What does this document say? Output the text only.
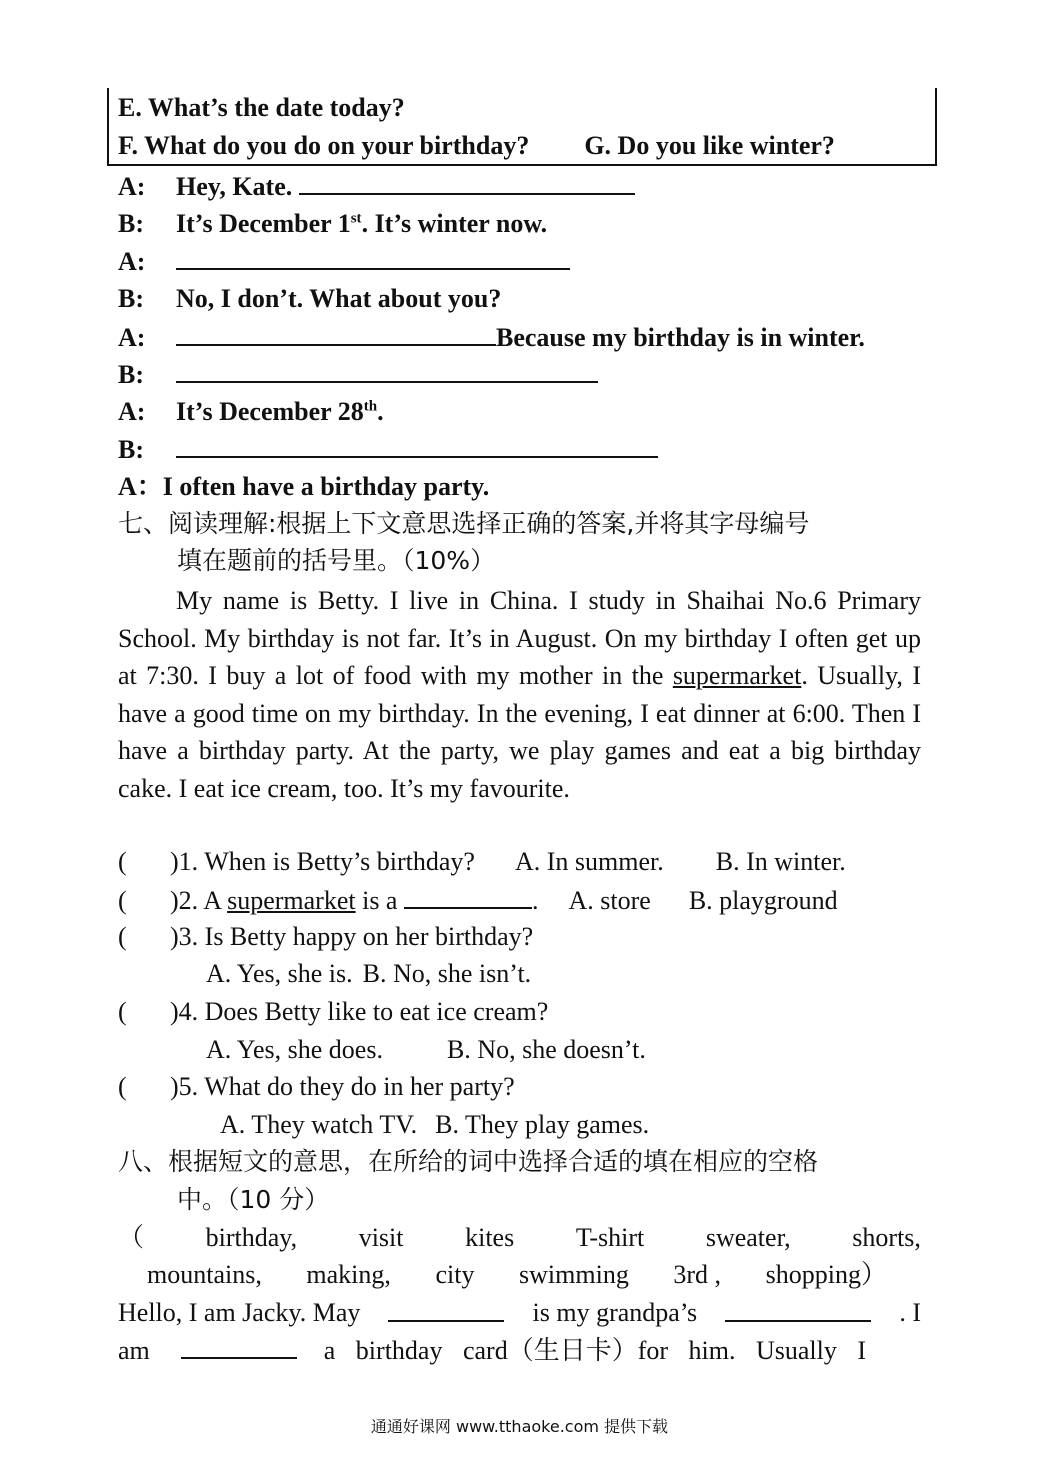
E. What’s the date today?
F. What do you do on your birthday? G. Do you like winter?
A: Hey, Kate.
B: It’s December 1st. It’s winter now.
A:
B: No, I don’t. What about you?
A:	Because my birthday is in winter.
B:
A: It’s December 28th.
B:
A：I often have a birthday party.
七、阅读理解:根据上下文意思选择正确的答案,并将其字母编号
填在题前的括号里。（10%）
My name is Betty. I live in China. I study in Shaihai No.6 Primary School. My birthday is not far. It’s in August. On my birthday I often get up at 7:30. I buy a lot of food with my mother in the supermarket. Usually, I have a good time on my birthday. In the evening, I eat dinner at 6:00. Then I have a birthday party. At the party, we play games and eat a big birthday cake. I eat ice cream, too. It’s my favourite.
( )1. When is Betty’s birthday? A. In summer. B. In winter.
( )2. A supermarket is a	. A. store B. playground
( )3. Is Betty happy on her birthday?
A. Yes, she is. B. No, she isn’t.
( )4. Does Betty like to eat ice cream?
A. Yes, she does. B. No, she doesn’t.
( )5. What do they do in her party?
A. They watch TV. B. They play games.
八、根据短文的意思，在所给的词中选择合适的填在相应的空格
中。（10 分）
（ birthday, visit kites T-shirt sweater, shorts,
mountains, making, city swimming 3rd , shopping）
Hello, I am Jacky. May	is my grandpa’s	. I
am	a birthday card（生日卡）for him. Usually I
通通好课网 www.tthaoke.com 提供下载
